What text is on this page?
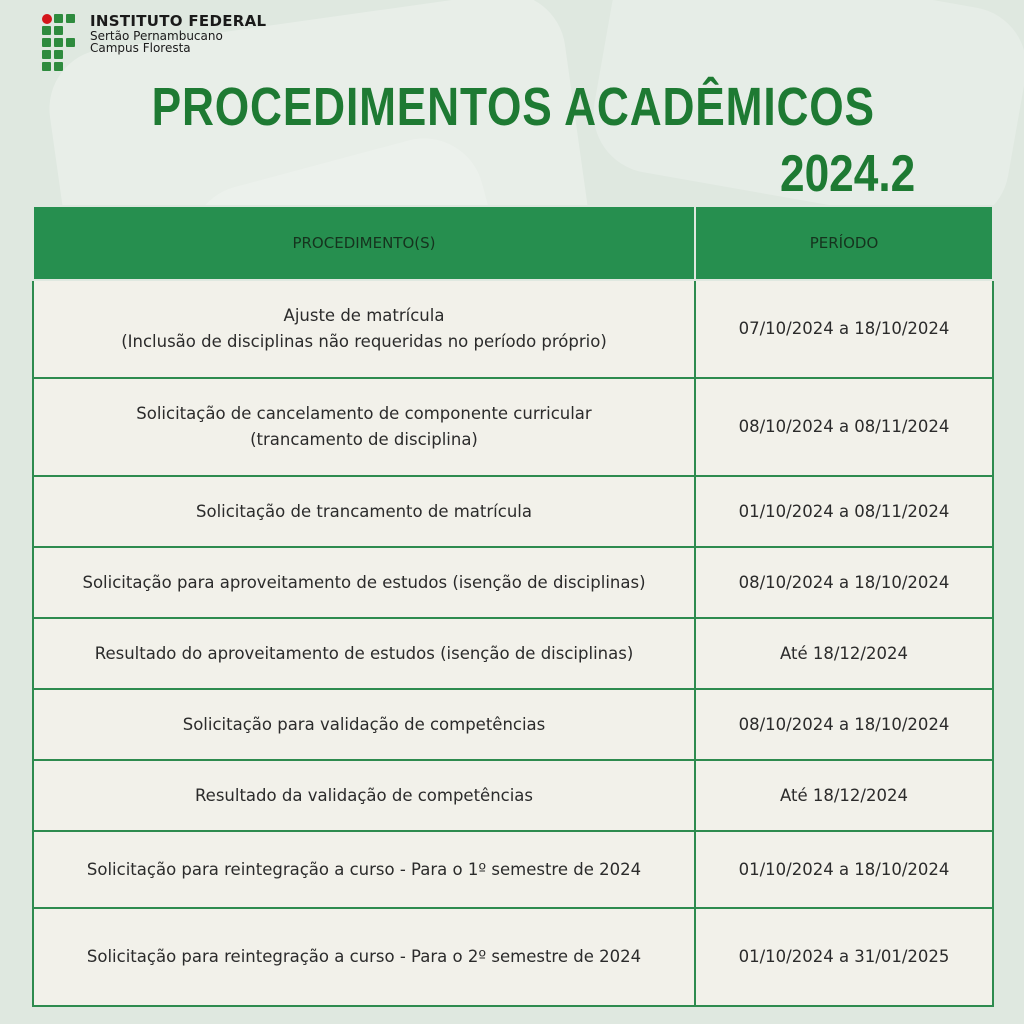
INSTITUTO FEDERAL
Sertão Pernambucano
Campus Floresta
PROCEDIMENTOS ACADÊMICOS
2024.2
PROCEDIMENTO(S)	PERÍODO

Ajuste de matrícula
(Inclusão de disciplinas não requeridas no período próprio)	07/10/2024 a 18/10/2024

Solicitação de cancelamento de componente curricular
(trancamento de disciplina)	08/10/2024 a 08/11/2024
Solicitação de trancamento de matrícula	01/10/2024 a 08/11/2024
Solicitação para aproveitamento de estudos (isenção de disciplinas)	08/10/2024 a 18/10/2024
Resultado do aproveitamento de estudos (isenção de disciplinas)	Até 18/12/2024
Solicitação para validação de competências	08/10/2024 a 18/10/2024
Resultado da validação de competências	Até 18/12/2024
Solicitação para reintegração a curso - Para o 1º semestre de 2024	01/10/2024 a 18/10/2024
Solicitação para reintegração a curso - Para o 2º semestre de 2024	01/10/2024 a 31/01/2025
